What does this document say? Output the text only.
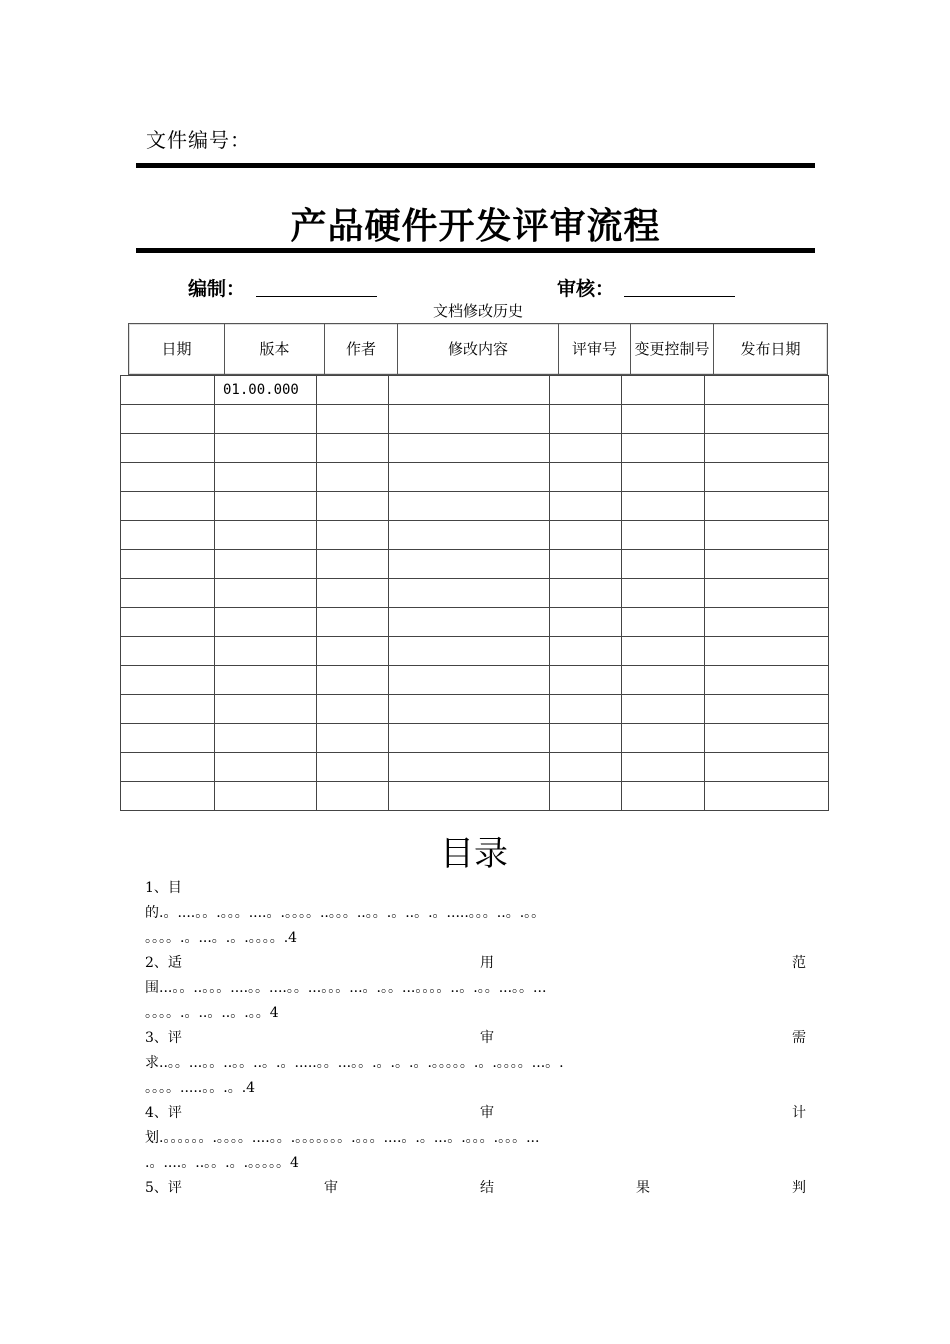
文件编号：
产品硬件开发评审流程
编制：	审核：
文档修改历史
日期	版本	作者	修改内容	评审号	变更控制号	发布日期
	01.00.000					

目录
1、目
的.。....。。.。。。....。.。。。。..。。。..。。.。..。.。.....。。。..。.。。
。。。。.。...。.。.。。。。.4
2、适	用	范
围...。。..。。。....。。....。。...。。。...。.。。...。。。。..。.。。...。。...
。。。。.。..。..。.。。4
3、评	审	需
求..。。...。。..。。..。.。.....。。...。。.。.。.。.。。。。。.。.。。。。...。.
。。。。.....。。.。.4
4、评	审	计
划.。。。。。。.。。。。....。。.。。。。。。。.。。。....。.。...。.。。。.。。。...
.。....。..。。.。.。。。。。4
5、评	审	结	果	判
